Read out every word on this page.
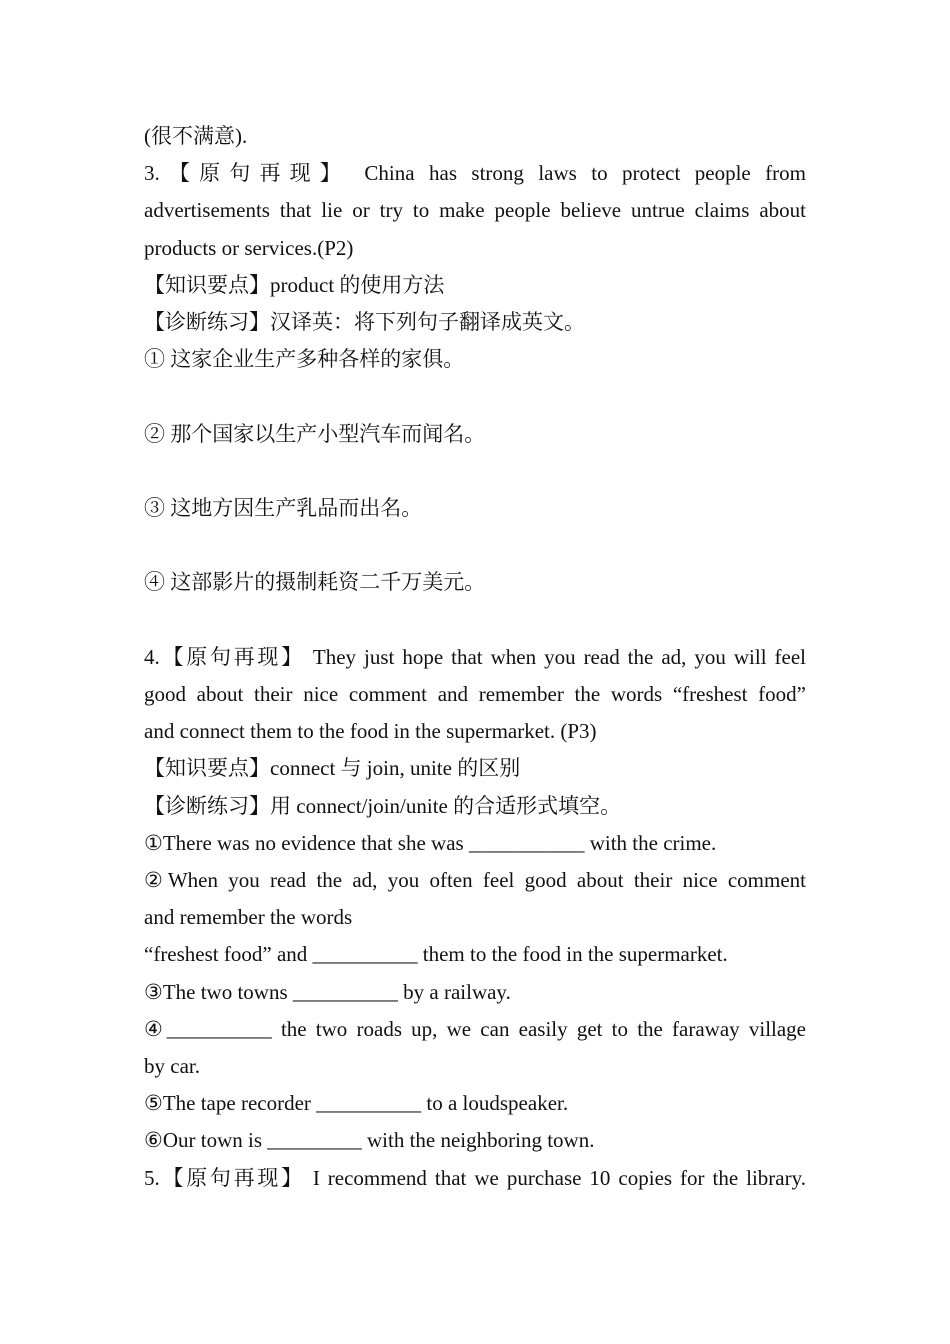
(很不满意).
3.【原句再现】 China has strong laws to protect people from
advertisements that lie or try to make people believe untrue claims about
products or services.(P2)
【知识要点】product 的使用方法
【诊断练习】汉译英：将下列句子翻译成英文。
① 这家企业生产多种各样的家俱。
② 那个国家以生产小型汽车而闻名。
③ 这地方因生产乳品而出名。
④ 这部影片的摄制耗资二千万美元。
4.【原句再现】 They just hope that when you read the ad, you will feel
good about their nice comment and remember the words “freshest food”
and connect them to the food in the supermarket. (P3)
【知识要点】connect 与 join, unite 的区别
【诊断练习】用 connect/join/unite 的合适形式填空。
①There was no evidence that she was ___________ with the crime.
②When you read the ad, you often feel good about their nice comment
and remember the words
“freshest food” and __________ them to the food in the supermarket.
③The two towns __________ by a railway.
④__________ the two roads up, we can easily get to the faraway village
by car.
⑤The tape recorder __________ to a loudspeaker.
⑥Our town is _________ with the neighboring town.
5.【原句再现】 I recommend that we purchase 10 copies for the library.
